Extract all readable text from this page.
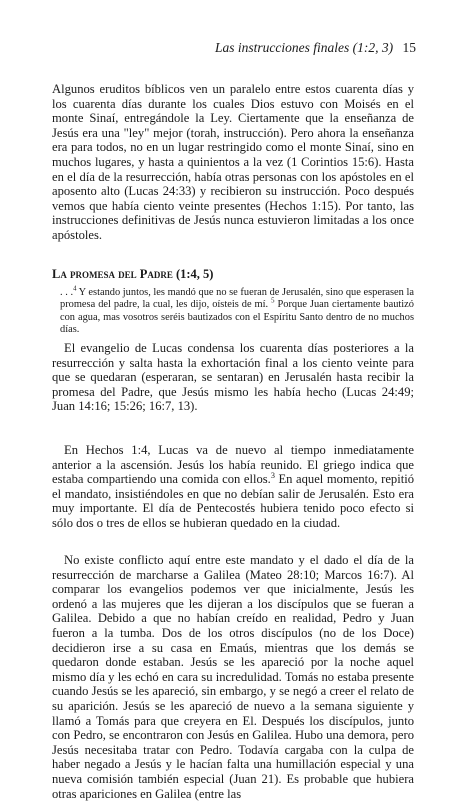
Las instrucciones finales (1:2, 3) 15

Algunos eruditos bíblicos ven un paralelo entre estos cuarenta días y los cuarenta días durante los cuales Dios estuvo con Moisés en el monte Sinaí, entregándole la Ley. Ciertamente que la enseñanza de Jesús era una "ley" mejor (torah, instrucción). Pero ahora la enseñanza era para todos, no en un lugar restringido como el monte Sinaí, sino en muchos lugares, y hasta a quinientos a la vez (1 Corintios 15:6). Hasta en el día de la resurrección, había otras personas con los apóstoles en el aposento alto (Lucas 24:33) y recibieron su instrucción. Poco después vemos que había ciento veinte presentes (Hechos 1:15). Por tanto, las instrucciones definitivas de Jesús nunca estuvieron limitadas a los once apóstoles.

La promesa del Padre (1:4, 5)

. . .$^4$ Y estando juntos, les mandó que no se fueran de Jerusalén, sino que esperasen la promesa del padre, la cual, les dijo, oísteis de mí. $^5$ Porque Juan ciertamente bautizó con agua, mas vosotros seréis bautizados con el Espíritu Santo dentro de no muchos días.

El evangelio de Lucas condensa los cuarenta días posteriores a la resurrección y salta hasta la exhortación final a los ciento veinte para que se quedaran (esperaran, se sentaran) en Jerusalén hasta recibir la promesa del Padre, que Jesús mismo les había hecho (Lucas 24:49; Juan 14:16; 15:26; 16:7, 13).

En Hechos 1:4, Lucas va de nuevo al tiempo inmediatamente anterior a la ascensión. Jesús los había reunido. El griego indica que estaba compartiendo una comida con ellos.$^3$ En aquel momento, repitió el mandato, insistiéndoles en que no debían salir de Jerusalén. Esto era muy importante. El día de Pentecostés hubiera tenido poco efecto si sólo dos o tres de ellos se hubieran quedado en la ciudad.

No existe conflicto aquí entre este mandato y el dado el día de la resurrección de marcharse a Galilea (Mateo 28:10; Marcos 16:7). Al comparar los evangelios podemos ver que inicialmente, Jesús les ordenó a las mujeres que les dijeran a los discípulos que se fueran a Galilea. Debido a que no habían creído en realidad, Pedro y Juan fueron a la tumba. Dos de los otros discípulos (no de los Doce) decidieron irse a su casa en Emaús, mientras que los demás se quedaron donde estaban. Jesús se les apareció por la noche aquel mismo día y les echó en cara su incredulidad. Tomás no estaba presente cuando Jesús se les apareció, sin embargo, y se negó a creer el relato de su aparición. Jesús se les apareció de nuevo a la semana siguiente y llamó a Tomás para que creyera en El. Después los discípulos, junto con Pedro, se encontraron con Jesús en Galilea. Hubo una demora, pero Jesús necesitaba tratar con Pedro. Todavía cargaba con la culpa de haber negado a Jesús y le hacían falta una humillación especial y una nueva comisión también especial (Juan 21). Es probable que hubiera otras apariciones en Galilea (entre las
